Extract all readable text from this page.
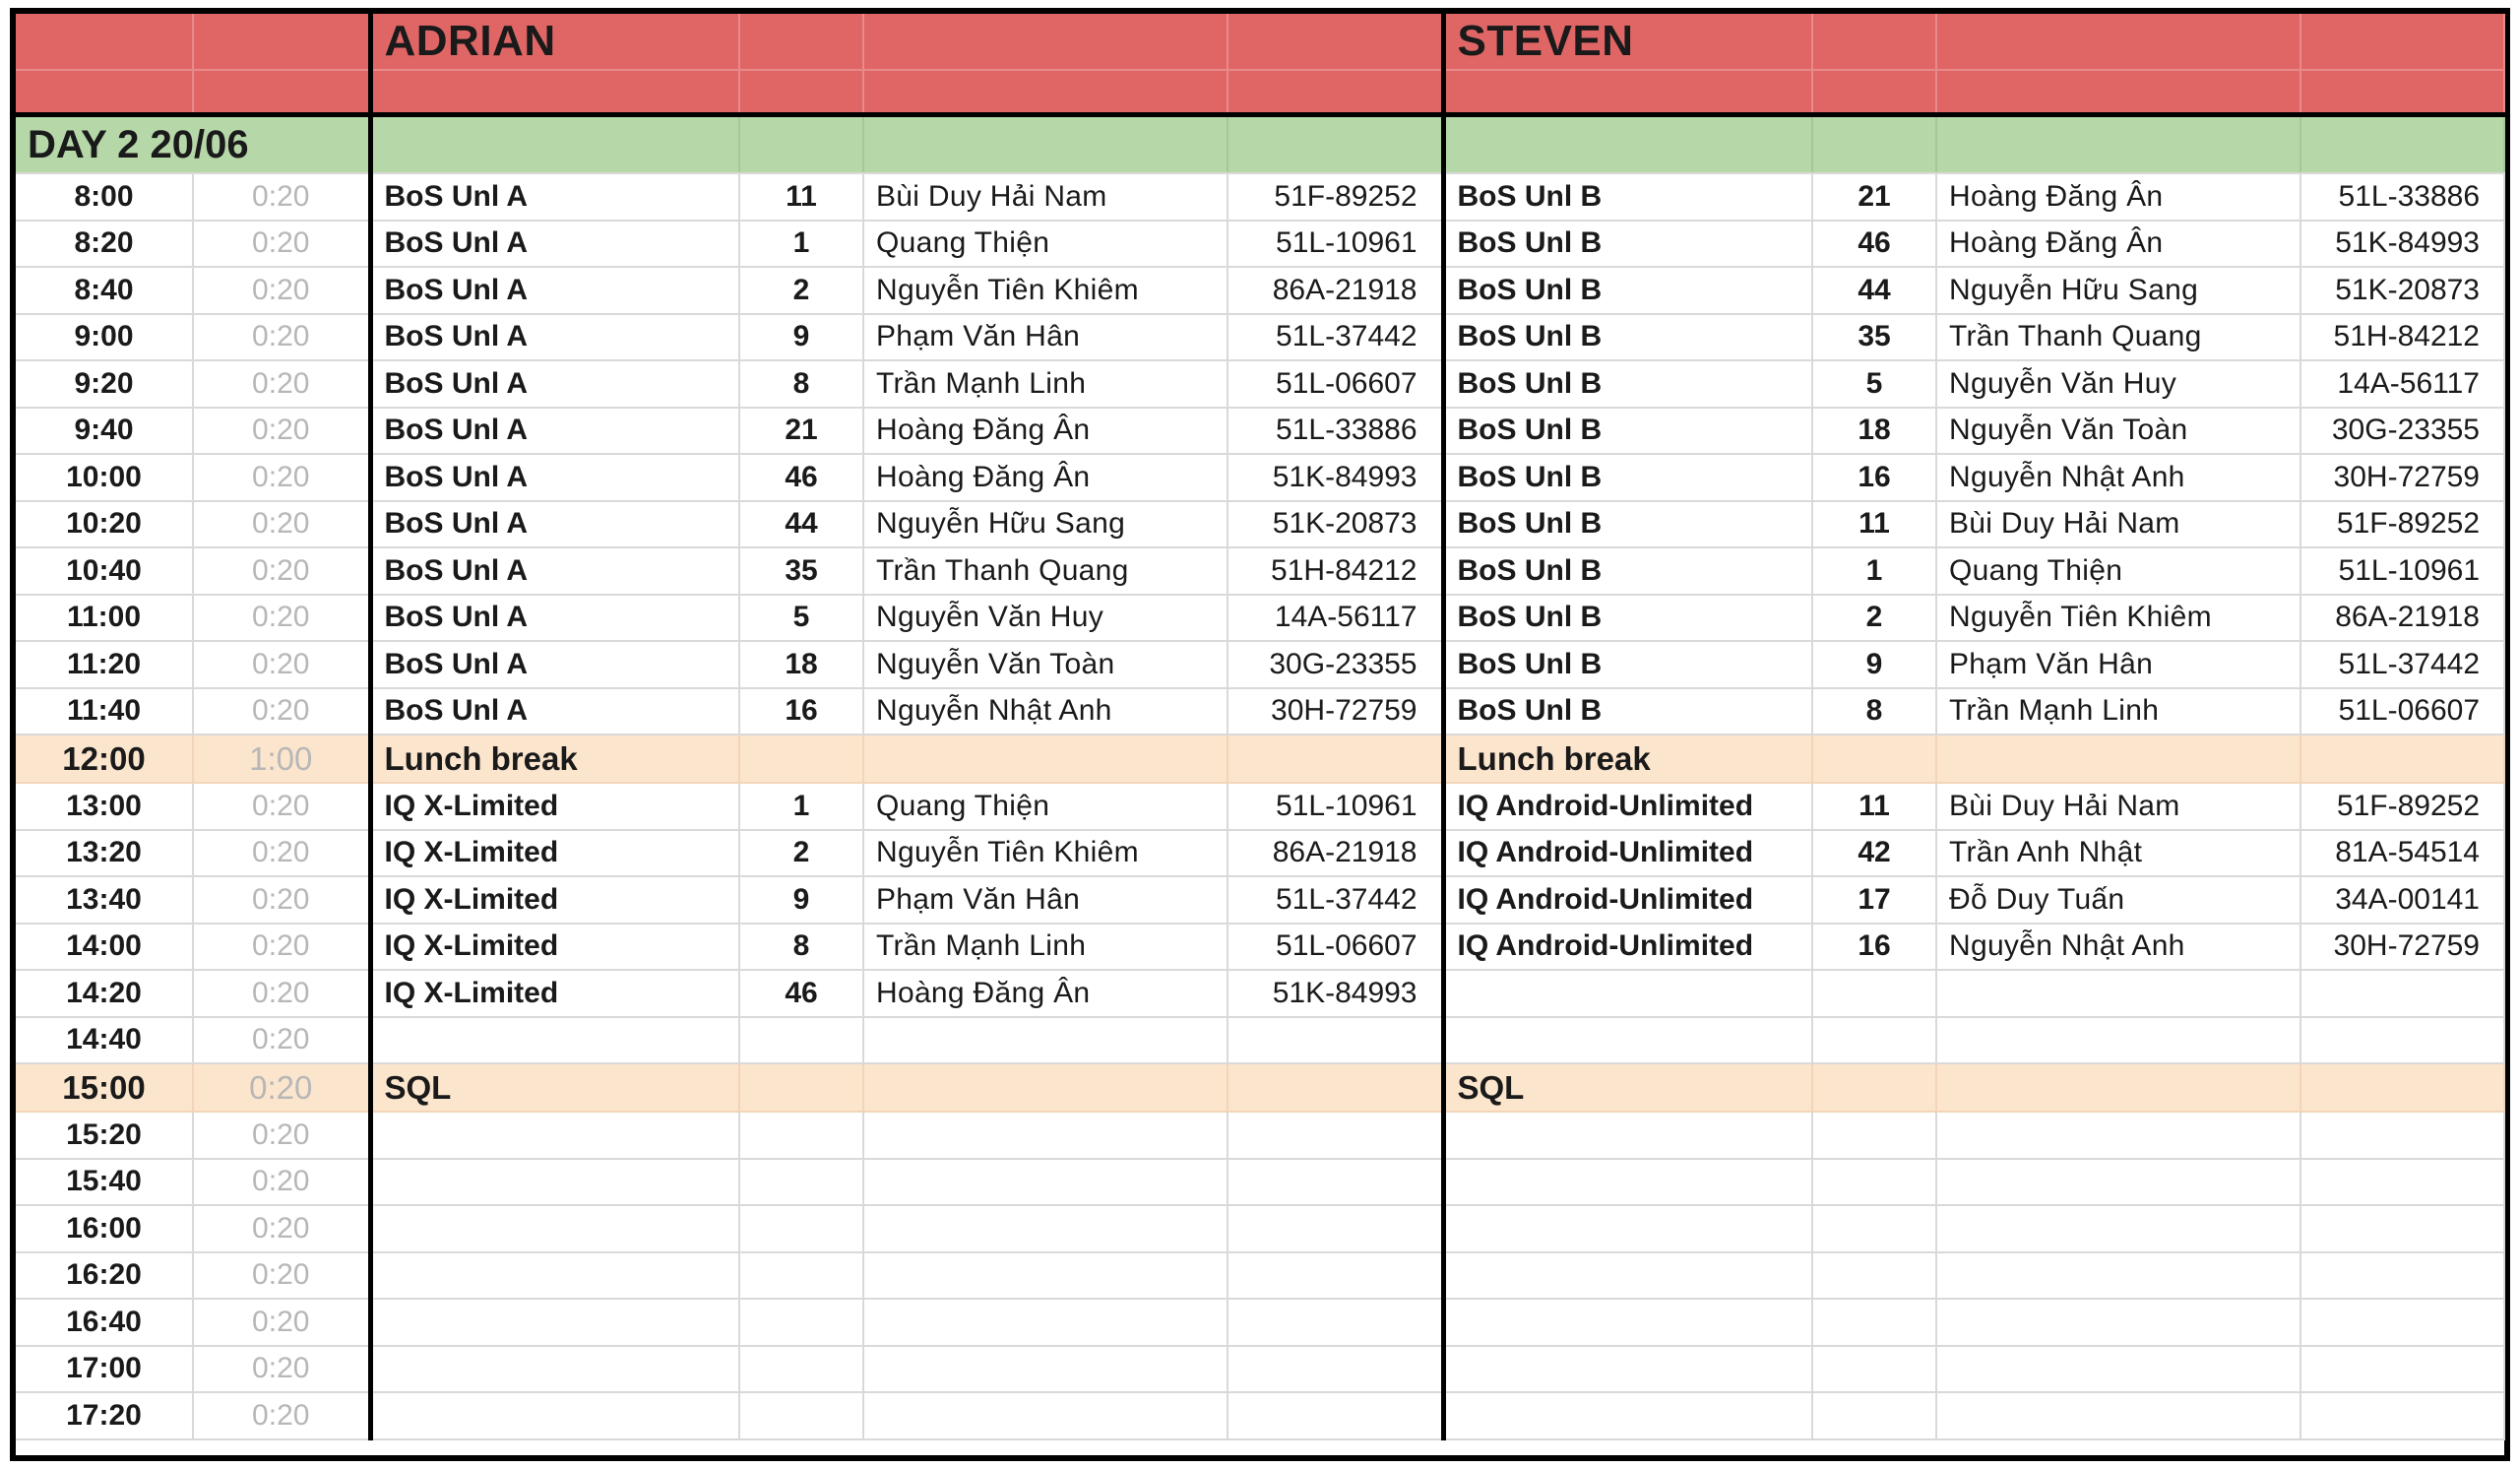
		ADRIAN				STEVEN			

DAY 2 20/06									
8:00	0:20	BoS Unl A	11	Bùi Duy Hải Nam	51F-89252	BoS Unl B	21	Hoàng Đăng Ân	51L-33886
8:20	0:20	BoS Unl A	1	Quang Thiện	51L-10961	BoS Unl B	46	Hoàng Đăng Ân	51K-84993
8:40	0:20	BoS Unl A	2	Nguyễn Tiên Khiêm	86A-21918	BoS Unl B	44	Nguyễn Hữu Sang	51K-20873
9:00	0:20	BoS Unl A	9	Phạm Văn Hân	51L-37442	BoS Unl B	35	Trần Thanh Quang	51H-84212
9:20	0:20	BoS Unl A	8	Trần Mạnh Linh	51L-06607	BoS Unl B	5	Nguyễn Văn Huy	14A-56117
9:40	0:20	BoS Unl A	21	Hoàng Đăng Ân	51L-33886	BoS Unl B	18	Nguyễn Văn Toàn	30G-23355
10:00	0:20	BoS Unl A	46	Hoàng Đăng Ân	51K-84993	BoS Unl B	16	Nguyễn Nhật Anh	30H-72759
10:20	0:20	BoS Unl A	44	Nguyễn Hữu Sang	51K-20873	BoS Unl B	11	Bùi Duy Hải Nam	51F-89252
10:40	0:20	BoS Unl A	35	Trần Thanh Quang	51H-84212	BoS Unl B	1	Quang Thiện	51L-10961
11:00	0:20	BoS Unl A	5	Nguyễn Văn Huy	14A-56117	BoS Unl B	2	Nguyễn Tiên Khiêm	86A-21918
11:20	0:20	BoS Unl A	18	Nguyễn Văn Toàn	30G-23355	BoS Unl B	9	Phạm Văn Hân	51L-37442
11:40	0:20	BoS Unl A	16	Nguyễn Nhật Anh	30H-72759	BoS Unl B	8	Trần Mạnh Linh	51L-06607
12:00	1:00	Lunch break				Lunch break			
13:00	0:20	IQ X-Limited	1	Quang Thiện	51L-10961	IQ Android-Unlimited	11	Bùi Duy Hải Nam	51F-89252
13:20	0:20	IQ X-Limited	2	Nguyễn Tiên Khiêm	86A-21918	IQ Android-Unlimited	42	Trần Anh Nhật	81A-54514
13:40	0:20	IQ X-Limited	9	Phạm Văn Hân	51L-37442	IQ Android-Unlimited	17	Đỗ Duy Tuấn	34A-00141
14:00	0:20	IQ X-Limited	8	Trần Mạnh Linh	51L-06607	IQ Android-Unlimited	16	Nguyễn Nhật Anh	30H-72759
14:20	0:20	IQ X-Limited	46	Hoàng Đăng Ân	51K-84993				
14:40	0:20								
15:00	0:20	SQL				SQL			
15:20	0:20								
15:40	0:20								
16:00	0:20								
16:20	0:20								
16:40	0:20								
17:00	0:20								
17:20	0:20								
